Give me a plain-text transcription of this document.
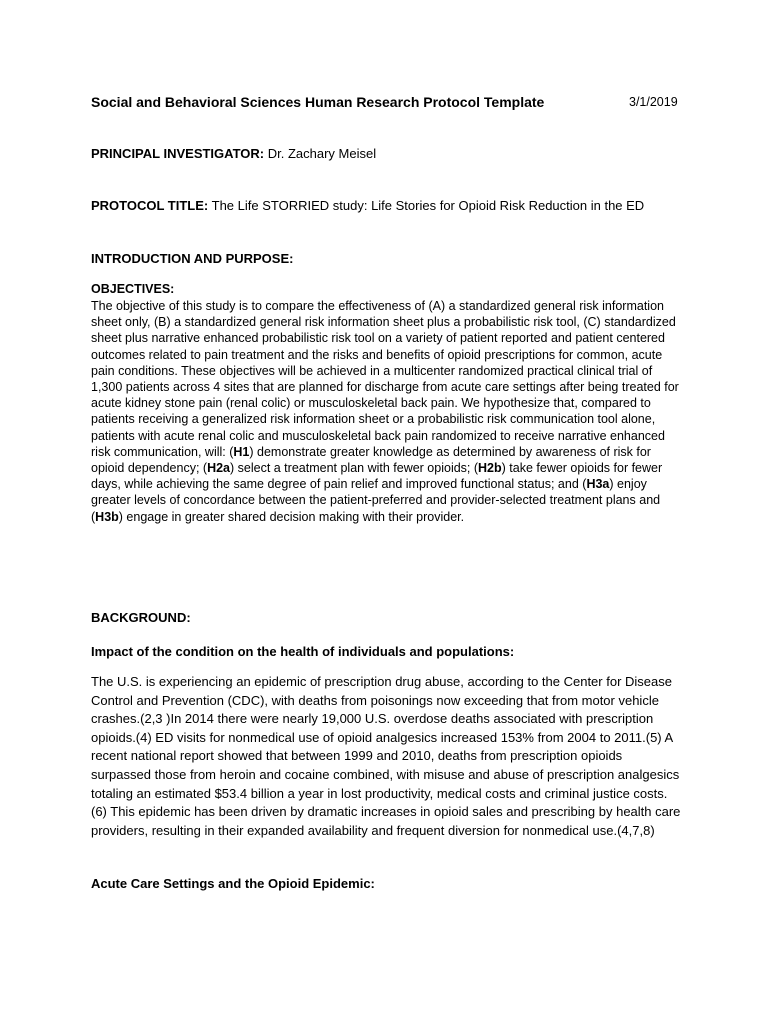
Social and Behavioral Sciences Human Research Protocol Template	3/1/2019
PRINCIPAL INVESTIGATOR: Dr. Zachary Meisel
PROTOCOL TITLE: The Life STORRIED study: Life Stories for Opioid Risk Reduction in the ED
INTRODUCTION AND PURPOSE:
OBJECTIVES:
The objective of this study is to compare the effectiveness of (A) a standardized general risk information sheet only, (B) a standardized general risk information sheet plus a probabilistic risk tool, (C) standardized sheet plus narrative enhanced probabilistic risk tool on a variety of patient reported and patient centered outcomes related to pain treatment and the risks and benefits of opioid prescriptions for common, acute pain conditions. These objectives will be achieved in a multicenter randomized practical clinical trial of 1,300 patients across 4 sites that are planned for discharge from acute care settings after being treated for acute kidney stone pain (renal colic) or musculoskeletal back pain. We hypothesize that, compared to patients receiving a generalized risk information sheet or a probabilistic risk communication tool alone, patients with acute renal colic and musculoskeletal back pain randomized to receive narrative enhanced risk communication, will: (H1) demonstrate greater knowledge as determined by awareness of risk for opioid dependency; (H2a) select a treatment plan with fewer opioids; (H2b) take fewer opioids for fewer days, while achieving the same degree of pain relief and improved functional status; and (H3a) enjoy greater levels of concordance between the patient-preferred and provider-selected treatment plans and (H3b) engage in greater shared decision making with their provider.
BACKGROUND:
Impact of the condition on the health of individuals and populations:
The U.S. is experiencing an epidemic of prescription drug abuse, according to the Center for Disease Control and Prevention (CDC), with deaths from poisonings now exceeding that from motor vehicle crashes.(2,3 )In 2014 there were nearly 19,000 U.S. overdose deaths associated with prescription opioids.(4) ED visits for nonmedical use of opioid analgesics increased 153% from 2004 to 2011.(5) A recent national report showed that between 1999 and 2010, deaths from prescription opioids surpassed those from heroin and cocaine combined, with misuse and abuse of prescription analgesics totaling an estimated $53.4 billion a year in lost productivity, medical costs and criminal justice costs.(6) This epidemic has been driven by dramatic increases in opioid sales and prescribing by health care providers, resulting in their expanded availability and frequent diversion for nonmedical use.(4,7,8)
Acute Care Settings and the Opioid Epidemic:
